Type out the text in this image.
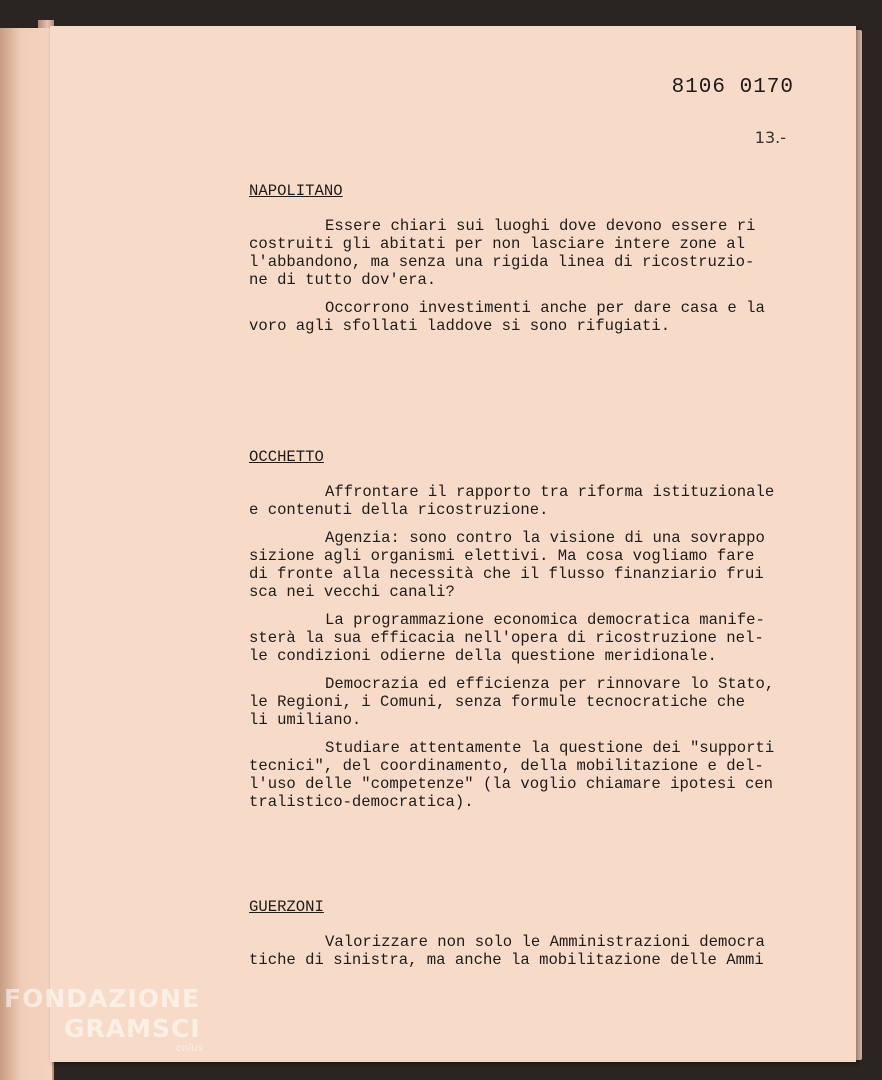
8106 0170
13.-
NAPOLITANO
Essere chiari sui luoghi dove devono essere ri
costruiti gli abitati per non lasciare intere zone al
l'abbandono, ma senza una rigida linea di ricostruzio-
ne di tutto dov'era.
Occorrono investimenti anche per dare casa e la
voro agli sfollati laddove si sono rifugiati.
OCCHETTO
Affrontare il rapporto tra riforma istituzionale
e contenuti della ricostruzione.
Agenzia: sono contro la visione di una sovrappo
sizione agli organismi elettivi. Ma cosa vogliamo fare
di fronte alla necessità che il flusso finanziario frui
sca nei vecchi canali?
La programmazione economica democratica manife-
sterà la sua efficacia nell'opera di ricostruzione nel-
le condizioni odierne della questione meridionale.
Democrazia ed efficienza per rinnovare lo Stato,
le Regioni, i Comuni, senza formule tecnocratiche che
li umiliano.
Studiare attentamente la questione dei "supporti
tecnici", del coordinamento, della mobilitazione e del-
l'uso delle "competenze" (la voglio chiamare ipotesi cen
tralistico-democratica).
GUERZONI
Valorizzare non solo le Amministrazioni democra
tiche di sinistra, ma anche la mobilitazione delle Ammi
FONDAZIONE
GRAMSCI
onlus
